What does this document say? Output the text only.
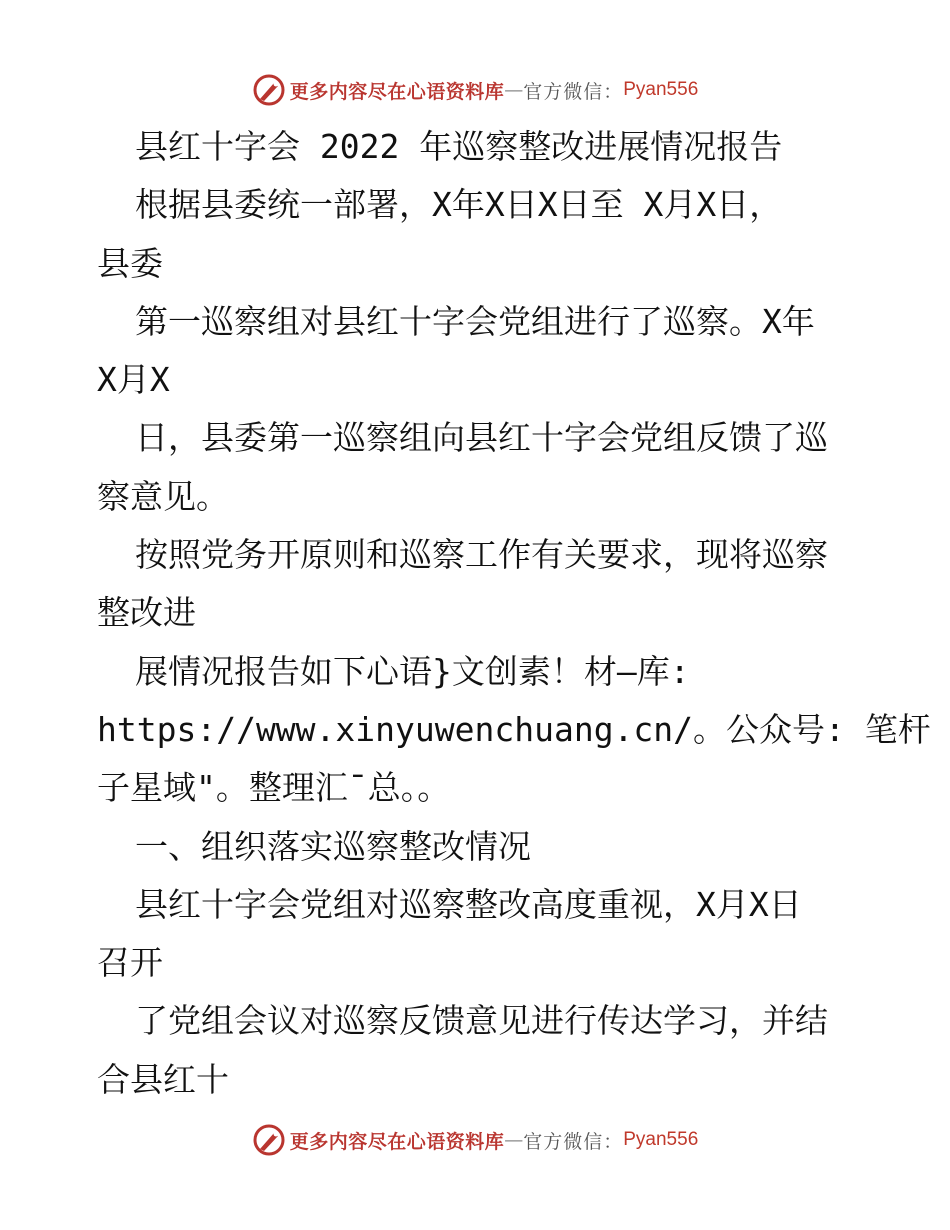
更多内容尽在心语资料库 — 官方微信： Pyan556
县红十字会 2022 年巡察整改进展情况报告
根据县委统一部署，X年X日X日至 X月X日，
县委
第一巡察组对县红十字会党组进行了巡察。X年
X月X
日，县委第一巡察组向县红十字会党组反馈了巡
察意见。
按照党务开原则和巡察工作有关要求，现将巡察
整改进
展情况报告如下心语}文创素！材—库:
https://www.xinyuwenchuang.cn/。公众号: 笔杆
子星域"。整理汇¯总。。
一、组织落实巡察整改情况
县红十字会党组对巡察整改高度重视，X月X日
召开
了党组会议对巡察反馈意见进行传达学习，并结
合县红十
更多内容尽在心语资料库 — 官方微信： Pyan556
